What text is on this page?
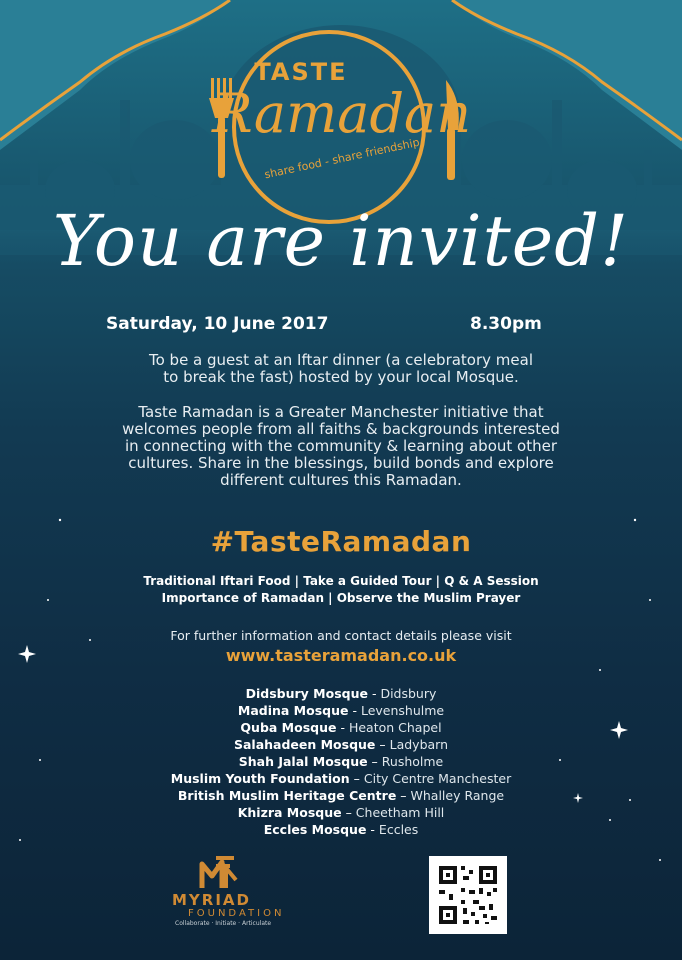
TASTE
Ramadan
share food - share friendship
You are invited!
Saturday, 10 June 2017	8.30pm
To be a guest at an Iftar dinner (a celebratory meal
to break the fast) hosted by your local Mosque.
Taste Ramadan is a Greater Manchester initiative that
welcomes people from all faiths & backgrounds interested
in connecting with the community & learning about other
cultures. Share in the blessings, build bonds and explore
different cultures this Ramadan.
#TasteRamadan
Traditional Iftari Food | Take a Guided Tour | Q & A Session
Importance of Ramadan | Observe the Muslim Prayer
For further information and contact details please visit
www.tasteramadan.co.uk
Didsbury Mosque - Didsbury
Madina Mosque - Levenshulme
Quba Mosque - Heaton Chapel
Salahadeen Mosque – Ladybarn
Shah Jalal Mosque – Rusholme
Muslim Youth Foundation – City Centre Manchester
British Muslim Heritage Centre – Whalley Range
Khizra Mosque – Cheetham Hill
Eccles Mosque - Eccles
MYRIAD
FOUNDATION
Collaborate · Initiate · Articulate
